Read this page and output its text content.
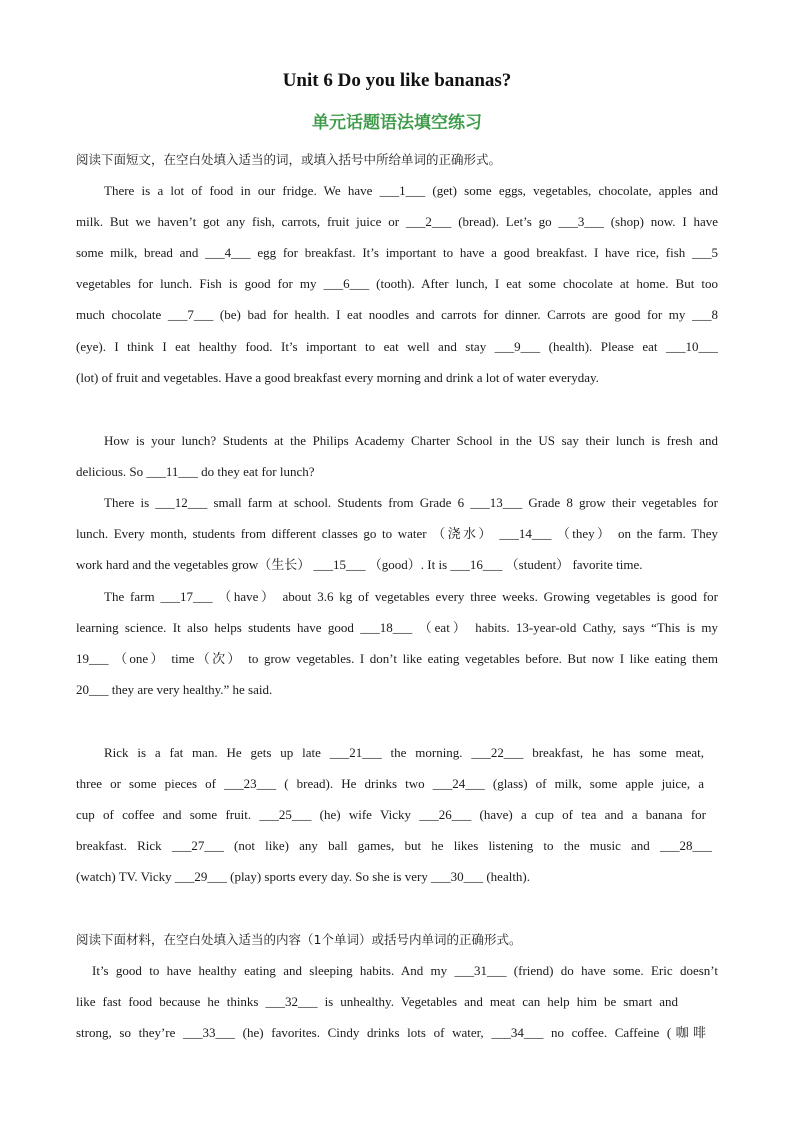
Unit 6 Do you like bananas?
单元话题语法填空练习
阅读下面短文，在空白处填入适当的词，或填入括号中所给单词的正确形式。
There is a lot of food in our fridge. We have ___1___ (get) some eggs, vegetables, chocolate, apples and
milk. But we haven’t got any fish, carrots, fruit juice or ___2___ (bread). Let’s go ___3___ (shop) now. I have
some milk, bread and ___4___ egg for breakfast. It’s important to have a good breakfast. I have rice, fish ___5
vegetables for lunch. Fish is good for my ___6___ (tooth). After lunch, I eat some chocolate at home. But too
much chocolate ___7___ (be) bad for health. I eat noodles and carrots for dinner. Carrots are good for my ___8
(eye). I think I eat healthy food. It’s important to eat well and stay ___9___ (health). Please eat ___10___
(lot) of fruit and vegetables. Have a good breakfast every morning and drink a lot of water everyday.
How is your lunch? Students at the Philips Academy Charter School in the US say their lunch is fresh and
delicious. So ___11___ do they eat for lunch?
There is ___12___ small farm at school. Students from Grade 6 ___13___ Grade 8 grow their vegetables for
lunch. Every month, students from different classes go to water （浇水） ___14___ （they） on the farm. They
work hard and the vegetables grow（生长） ___15___ （good）. It is ___16___ （student） favorite time.
The farm ___17___ （have） about 3.6 kg of vegetables every three weeks. Growing vegetables is good for
learning science. It also helps students have good ___18___ （eat） habits. 13-year-old Cathy, says “This is my
19___ （one） time（次） to grow vegetables. I don’t like eating vegetables before. But now I like eating them
20___ they are very healthy.” he said.
Rick is a fat man. He gets up late ___21___ the morning. ___22___ breakfast, he has some meat,
three or some pieces of ___23___ ( bread). He drinks two ___24___ (glass) of milk, some apple juice, a
cup of coffee and some fruit. ___25___ (he) wife Vicky ___26___ (have) a cup of tea and a banana for
breakfast. Rick ___27___ (not like) any ball games, but he likes listening to the music and ___28___
(watch) TV. Vicky ___29___ (play) sports every day. So she is very ___30___ (health).
阅读下面材料，在空白处填入适当的内容（1个单词）或括号内单词的正确形式。
It’s good to have healthy eating and sleeping habits. And my ___31___ (friend) do have some. Eric doesn’t
like fast food because he thinks ___32___ is unhealthy. Vegetables and meat can help him be smart and
strong, so they’re ___33___ (he) favorites. Cindy drinks lots of water, ___34___ no coffee. Caffeine (咖啡
